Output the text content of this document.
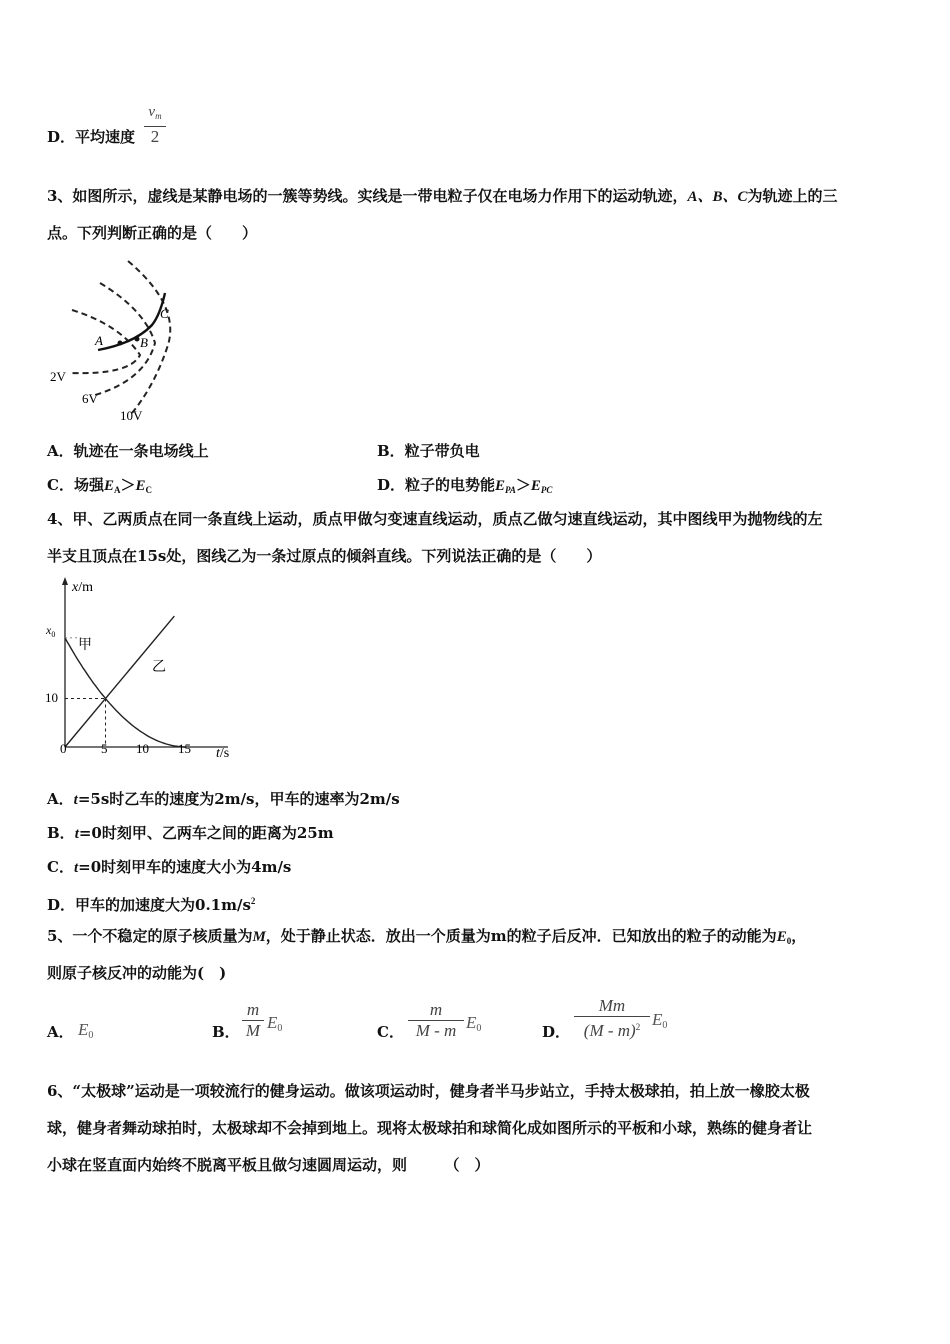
D．平均速度
$v_m$
2
3、如图所示，虚线是某静电场的一簇等势线。实线是一带电粒子仅在电场力作用下的运动轨迹，A、B、C为轨迹上的三
点。下列判断正确的是（　　）
A	B
C
2V
6V
10V
A．轨迹在一条电场线上	B．粒子带负电
C．场强$E_A>E_C$	D．粒子的电势能$E_{PA}>E_{PC}$
4、甲、乙两质点在同一条直线上运动，质点甲做匀变速直线运动，质点乙做匀速直线运动，其中图线甲为抛物线的左
半支且顶点在15s处，图线乙为一条过原点的倾斜直线。下列说法正确的是（　　）
x/m
t/s
$x_0$
甲
乙
10
0	5 10 15
A．t=5s时乙车的速度为2m/s，甲车的速率为2m/s
B．t=0时刻甲、乙两车之间的距离为25m
C．t=0时刻甲车的速度大小为4m/s
D．甲车的加速度大为$0.1m/s^2$
5、一个不稳定的原子核质量为M，处于静止状态．放出一个质量为m的粒子后反冲．已知放出的粒子的动能为$E_0$，
则原子核反冲的动能为(　)
A． E0	B．
m
M E0	C．
m
M - m E0	D．
Mm
(M - m)$^2$ E0
6、“太极球”运动是一项较流行的健身运动。做该项运动时，健身者半马步站立，手持太极球拍，拍上放一橡胶太极
球，健身者舞动球拍时，太极球却不会掉到地上。现将太极球拍和球简化成如图所示的平板和小球，熟练的健身者让
小球在竖直面内始终不脱离平板且做匀速圆周运动，则　　　（　）
